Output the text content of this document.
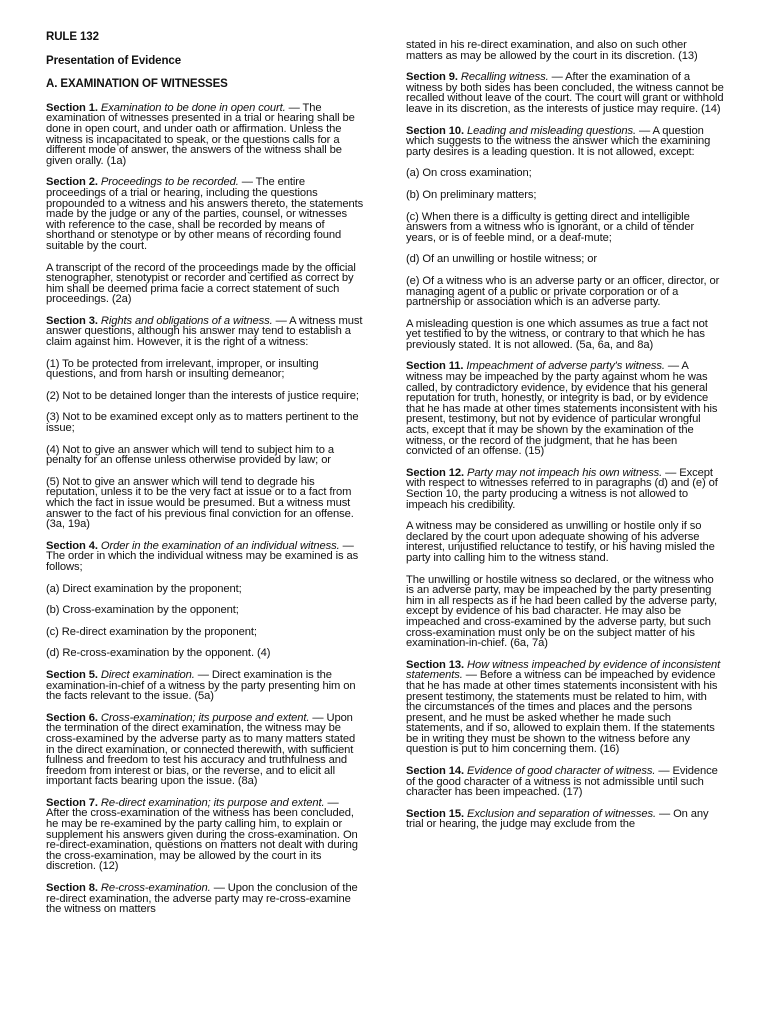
RULE 132

Presentation of Evidence

A. EXAMINATION OF WITNESSES

Section 1. Examination to be done in open court. — The examination of witnesses presented in a trial or hearing shall be done in open court, and under oath or affirmation. Unless the witness is incapacitated to speak, or the questions calls for a different mode of answer, the answers of the witness shall be given orally. (1a)

Section 2. Proceedings to be recorded. — The entire proceedings of a trial or hearing, including the questions propounded to a witness and his answers thereto, the statements made by the judge or any of the parties, counsel, or witnesses with reference to the case, shall be recorded by means of shorthand or stenotype or by other means of recording found suitable by the court.

A transcript of the record of the proceedings made by the official stenographer, stenotypist or recorder and certified as correct by him shall be deemed prima facie a correct statement of such proceedings. (2a)

Section 3. Rights and obligations of a witness. — A witness must answer questions, although his answer may tend to establish a claim against him. However, it is the right of a witness:

(1) To be protected from irrelevant, improper, or insulting questions, and from harsh or insulting demeanor;

(2) Not to be detained longer than the interests of justice require;

(3) Not to be examined except only as to matters pertinent to the issue;

(4) Not to give an answer which will tend to subject him to a penalty for an offense unless otherwise provided by law; or

(5) Not to give an answer which will tend to degrade his reputation, unless it to be the very fact at issue or to a fact from which the fact in issue would be presumed. But a witness must answer to the fact of his previous final conviction for an offense. (3a, 19a)

Section 4. Order in the examination of an individual witness. — The order in which the individual witness may be examined is as follows;

(a) Direct examination by the proponent;

(b) Cross-examination by the opponent;

(c) Re-direct examination by the proponent;

(d) Re-cross-examination by the opponent. (4)

Section 5. Direct examination. — Direct examination is the examination-in-chief of a witness by the party presenting him on the facts relevant to the issue. (5a)

Section 6. Cross-examination; its purpose and extent. — Upon the termination of the direct examination, the witness may be cross-examined by the adverse party as to many matters stated in the direct examination, or connected therewith, with sufficient fullness and freedom to test his accuracy and truthfulness and freedom from interest or bias, or the reverse, and to elicit all important facts bearing upon the issue. (8a)

Section 7. Re-direct examination; its purpose and extent. — After the cross-examination of the witness has been concluded, he may be re-examined by the party calling him, to explain or supplement his answers given during the cross-examination. On re-direct-examination, questions on matters not dealt with during the cross-examination, may be allowed by the court in its discretion. (12)

Section 8. Re-cross-examination. — Upon the conclusion of the re-direct examination, the adverse party may re-cross-examine the witness on matters

stated in his re-direct examination, and also on such other matters as may be allowed by the court in its discretion. (13)

Section 9. Recalling witness. — After the examination of a witness by both sides has been concluded, the witness cannot be recalled without leave of the court. The court will grant or withhold leave in its discretion, as the interests of justice may require. (14)

Section 10. Leading and misleading questions. — A question which suggests to the witness the answer which the examining party desires is a leading question. It is not allowed, except:

(a) On cross examination;

(b) On preliminary matters;

(c) When there is a difficulty is getting direct and intelligible answers from a witness who is ignorant, or a child of tender years, or is of feeble mind, or a deaf-mute;

(d) Of an unwilling or hostile witness; or

(e) Of a witness who is an adverse party or an officer, director, or managing agent of a public or private corporation or of a partnership or association which is an adverse party.

A misleading question is one which assumes as true a fact not yet testified to by the witness, or contrary to that which he has previously stated. It is not allowed. (5a, 6a, and 8a)

Section 11. Impeachment of adverse party's witness. — A witness may be impeached by the party against whom he was called, by contradictory evidence, by evidence that his general reputation for truth, honestly, or integrity is bad, or by evidence that he has made at other times statements inconsistent with his present, testimony, but not by evidence of particular wrongful acts, except that it may be shown by the examination of the witness, or the record of the judgment, that he has been convicted of an offense. (15)

Section 12. Party may not impeach his own witness. — Except with respect to witnesses referred to in paragraphs (d) and (e) of Section 10, the party producing a witness is not allowed to impeach his credibility.

A witness may be considered as unwilling or hostile only if so declared by the court upon adequate showing of his adverse interest, unjustified reluctance to testify, or his having misled the party into calling him to the witness stand.

The unwilling or hostile witness so declared, or the witness who is an adverse party, may be impeached by the party presenting him in all respects as if he had been called by the adverse party, except by evidence of his bad character. He may also be impeached and cross-examined by the adverse party, but such cross-examination must only be on the subject matter of his examination-in-chief. (6a, 7a)

Section 13. How witness impeached by evidence of inconsistent statements. — Before a witness can be impeached by evidence that he has made at other times statements inconsistent with his present testimony, the statements must be related to him, with the circumstances of the times and places and the persons present, and he must be asked whether he made such statements, and if so, allowed to explain them. If the statements be in writing they must be shown to the witness before any question is put to him concerning them. (16)

Section 14. Evidence of good character of witness. — Evidence of the good character of a witness is not admissible until such character has been impeached. (17)

Section 15. Exclusion and separation of witnesses. — On any trial or hearing, the judge may exclude from the
